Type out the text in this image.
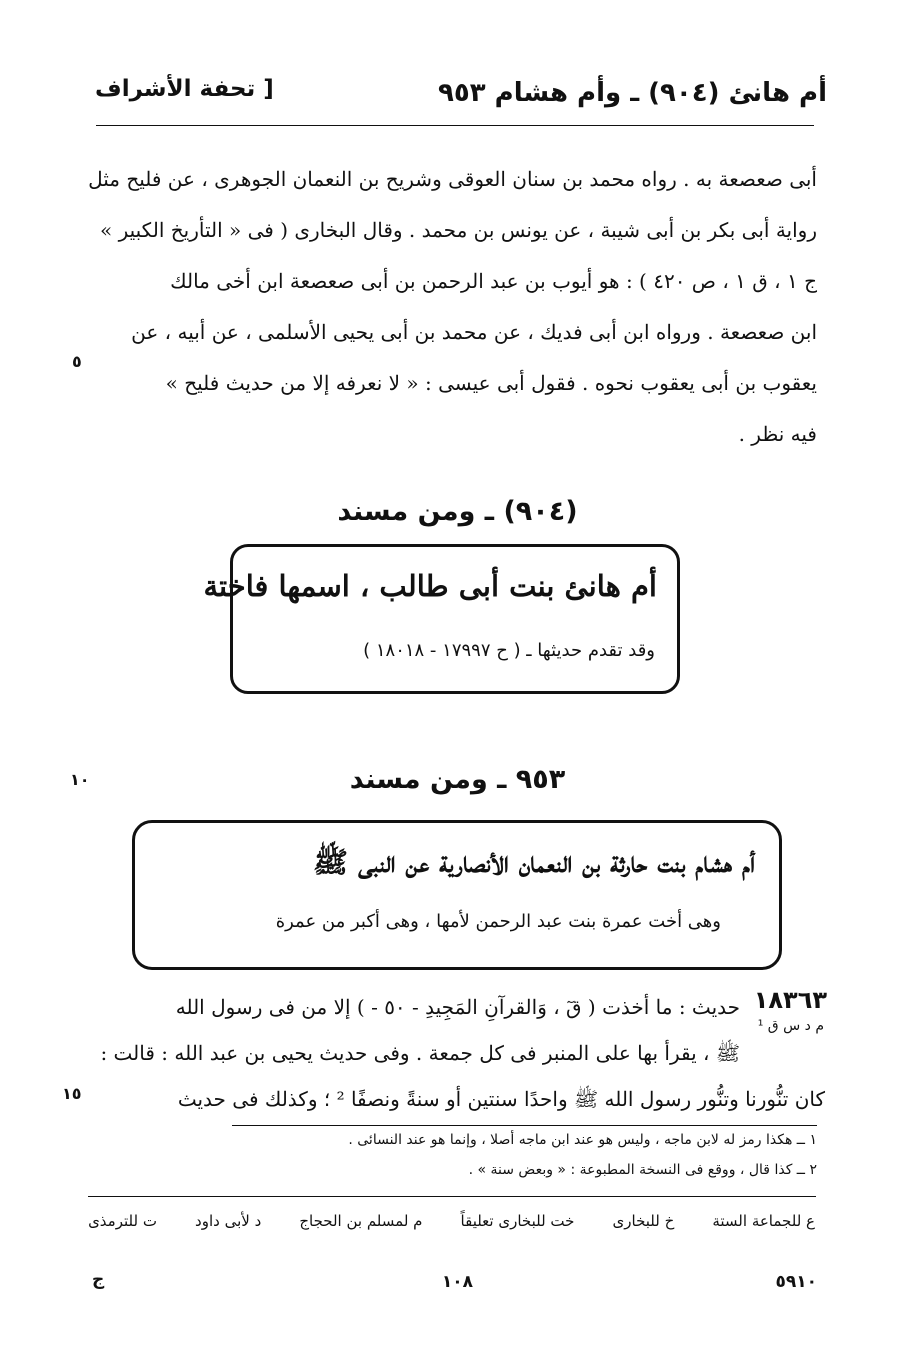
أم هانئ (٩٠٤) ـ وأم هشام ٩٥٣
[ تحفة الأشراف
أبى صعصعة به . رواه محمد بن سنان العوقى وشريح بن النعمان الجوهرى ، عن فليح مثل
رواية أبى بكر بن أبى شيبة ، عن يونس بن محمد . وقال البخارى ( فى « التأريخ الكبير »
ج ١ ، ق ١ ، ص ٤٢٠ ) : هو أيوب بن عبد الرحمن بن أبى صعصعة ابن أخى مالك
ابن صعصعة . ورواه ابن أبى فديك ، عن محمد بن أبى يحيى الأسلمى ، عن أبيه ، عن
يعقوب بن أبى يعقوب نحوه . فقول أبى عيسى : « لا نعرفه إلا من حديث فليح »
فيه نظر .
٥
(٩٠٤) ـ ومن مسند
أم هانئ بنت أبى طالب ، اسمها فاختة
وقد تقدم حديثها ـ ( ح ١٧٩٩٧ - ١٨٠١٨ )
١٠	٩٥٣ ـ ومن مسند
أم هشام بنت حارثة بن النعمان الأنصارية عن النبى ﷺ
وهى أخت عمرة بنت عبد الرحمن لأمها ، وهى أكبر من عمرة
١٨٣٦٣
م د س ق ¹
حديث : ما أخذت ( قٓ ، وَالقرآنِ المَجِيدِ - ٥٠ - ) إلا من فى رسول الله
ﷺ ، يقرأ بها على المنبر فى كل جمعة . وفى حديث يحيى بن عبد الله : قالت :
كان تنُّورنا وتنُّور رسول الله ﷺ واحدًا سنتين أو سنةً ونصفًا ² ؛ وكذلك فى حديث
١٥
١ ــ هكذا رمز له لابن ماجه ، وليس هو عند ابن ماجه أصلا ، وإنما هو عند النسائى .
٢ ــ كذا قال ، ووقع فى النسخة المطبوعة : « وبعض سنة » .
ع للجماعة الستة
خ للبخارى
خت للبخارى تعليقاً
م لمسلم بن الحجاج
د لأبى داود
ت للترمذى
٥٩١٠
١٠٨
ج
